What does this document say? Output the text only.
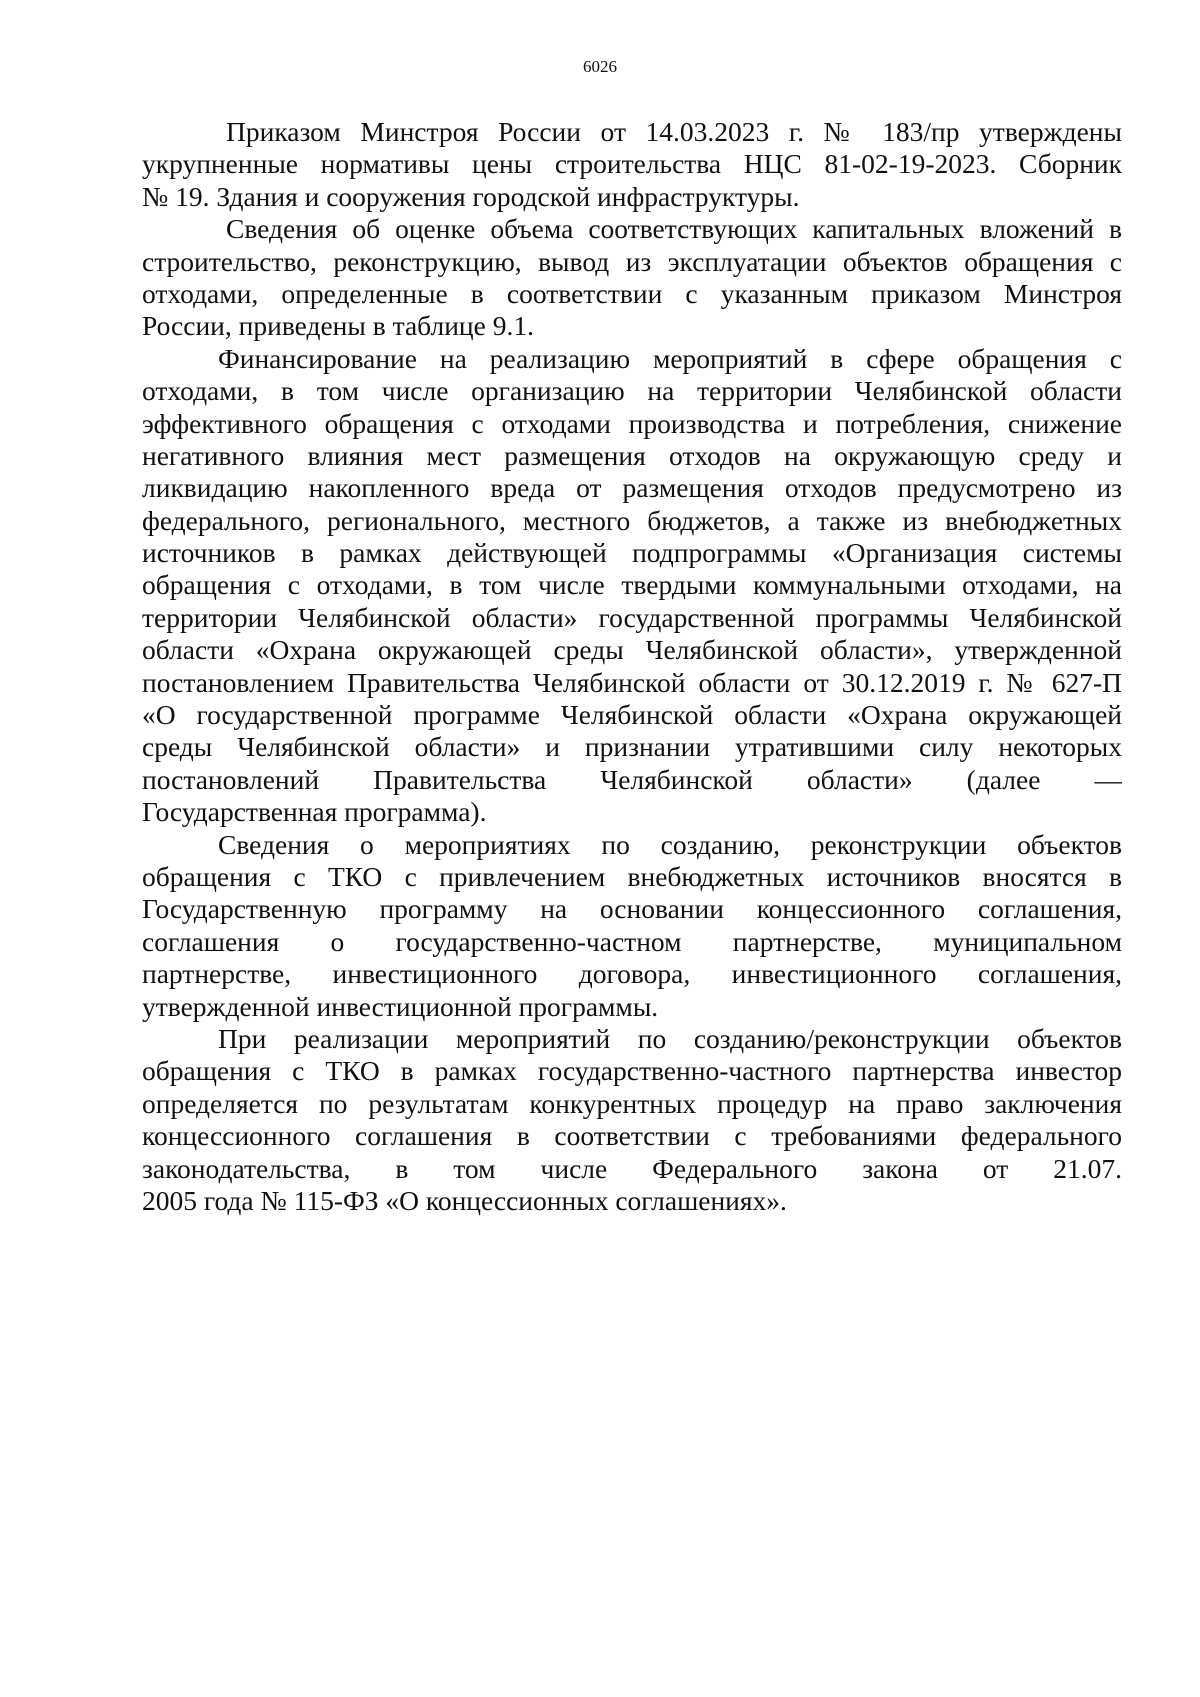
6026
Приказом Минстроя России от 14.03.2023 г. № 183/пр утверждены
укрупненные нормативы цены строительства НЦС 81-02-19-2023. Сборник
№ 19. Здания и сооружения городской инфраструктуры.
Сведения об оценке объема соответствующих капитальных вложений в
строительство, реконструкцию, вывод из эксплуатации объектов обращения с
отходами, определенные в соответствии с указанным приказом Минстроя
России, приведены в таблице 9.1.
Финансирование на реализацию мероприятий в сфере обращения с
отходами, в том числе организацию на территории Челябинской области
эффективного обращения с отходами производства и потребления, снижение
негативного влияния мест размещения отходов на окружающую среду и
ликвидацию накопленного вреда от размещения отходов предусмотрено из
федерального, регионального, местного бюджетов, а также из внебюджетных
источников в рамках действующей подпрограммы «Организация системы
обращения с отходами, в том числе твердыми коммунальными отходами, на
территории Челябинской области» государственной программы Челябинской
области «Охрана окружающей среды Челябинской области», утвержденной
постановлением Правительства Челябинской области от 30.12.2019 г. № 627-П
«О государственной программе Челябинской области «Охрана окружающей
среды Челябинской области» и признании утратившими силу некоторых
постановлений Правительства Челябинской области» (далее —
Государственная программа).
Сведения о мероприятиях по созданию, реконструкции объектов
обращения с ТКО с привлечением внебюджетных источников вносятся в
Государственную программу на основании концессионного соглашения,
соглашения о государственно-частном партнерстве, муниципальном
партнерстве, инвестиционного договора, инвестиционного соглашения,
утвержденной инвестиционной программы.
При реализации мероприятий по созданию/реконструкции объектов
обращения с ТКО в рамках государственно-частного партнерства инвестор
определяется по результатам конкурентных процедур на право заключения
концессионного соглашения в соответствии с требованиями федерального
законодательства, в том числе Федерального закона от 21.07.
2005 года № 115-ФЗ «О концессионных соглашениях».
